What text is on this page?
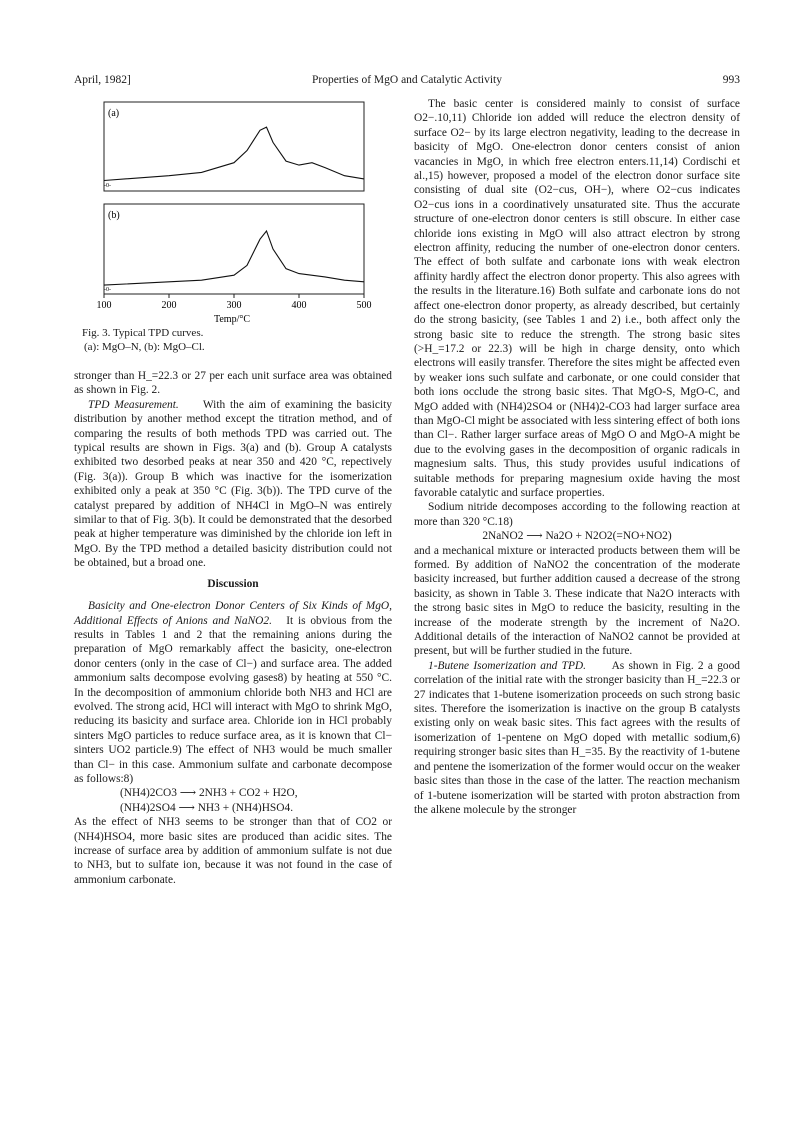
April, 1982]	Properties of MgO and Catalytic Activity	993
(a)
-0-
(b)
-0-
100	200	300	400	500
Temp/°C
Fig. 3. Typical TPD curves.
(a): MgO–N, (b): MgO–Cl.

stronger than H_=22.3 or 27 per each unit surface area was obtained as shown in Fig. 2.

TPD Measurement. With the aim of examining the basicity distribution by another method except the titration method, and of comparing the results of both methods TPD was carried out. The typical results are shown in Figs. 3(a) and (b). Group A catalysts exhibited two desorbed peaks at near 350 and 420 °C, repectively (Fig. 3(a)). Group B which was inactive for the isomerization exhibited only a peak at 350 °C (Fig. 3(b)). The TPD curve of the catalyst prepared by addition of NH4Cl in MgO–N was entirely similar to that of Fig. 3(b). It could be demonstrated that the desorbed peak at higher temperature was diminished by the chloride ion left in MgO. By the TPD method a detailed basicity distribution could not be obtained, but a broad one.

Discussion

Basicity and One-electron Donor Centers of Six Kinds of MgO, Additional Effects of Anions and NaNO2. It is obvious from the results in Tables 1 and 2 that the remaining anions during the preparation of MgO remarkably affect the basicity, one-electron donor centers (only in the case of Cl−) and surface area. The added ammonium salts decompose evolving gases8) by heating at 550 °C. In the decomposition of ammonium chloride both NH3 and HCl are evolved. The strong acid, HCl will interact with MgO to shrink MgO, reducing its basicity and surface area. Chloride ion in HCl probably sinters MgO particles to reduce surface area, as it is known that Cl− sinters UO2 particle.9) The effect of NH3 would be much smaller than Cl− in this case. Ammonium sulfate and carbonate decompose as follows:8)

(NH4)2CO3 ⟶ 2NH3 + CO2 + H2O,

(NH4)2SO4 ⟶ NH3 + (NH4)HSO4.

As the effect of NH3 seems to be stronger than that of CO2 or (NH4)HSO4, more basic sites are produced than acidic sites. The increase of surface area by addition of ammonium sulfate is not due to NH3, but to sulfate ion, because it was not found in the case of ammonium carbonate.

The basic center is considered mainly to consist of surface O2−.10,11) Chloride ion added will reduce the electron density of surface O2− by its large electron negativity, leading to the decrease in basicity of MgO. One-electron donor centers consist of anion vacancies in MgO, in which free electron enters.11,14) Cordischi et al.,15) however, proposed a model of the electron donor surface site consisting of dual site (O2−cus, OH−), where O2−cus indicates O2−cus ions in a coordinatively unsaturated site. Thus the accurate structure of one-electron donor centers is still obscure. In either case chloride ions existing in MgO will also attract electron by strong electron affinity, reducing the number of one-electron donor centers. The effect of both sulfate and carbonate ions with weak electron affinity hardly affect the electron donor property. This also agrees with the results in the literature.16) Both sulfate and carbonate ions do not affect one-electron donor property, as already described, but certainly do the strong basicity, (see Tables 1 and 2) i.e., both affect only the strong basic site to reduce the strength. The strong basic sites (>H_=17.2 or 22.3) will be high in charge density, onto which electrons will easily transfer. Therefore the sites might be affected even by weaker ions such sulfate and carbonate, or one could consider that both ions occlude the strong basic sites. That MgO-S, MgO-C, and MgO added with (NH4)2SO4 or (NH4)2-CO3 had larger surface area than MgO-Cl might be associated with less sintering effect of both ions than Cl−. Rather larger surface areas of MgO O and MgO-A might be due to the evolving gases in the decomposition of organic radicals in magnesium salts. Thus, this study provides usuful indications of suitable methods for preparing magnesium oxide having the most favorable catalytic and surface properties.

Sodium nitride decomposes according to the following reaction at more than 320 °C.18)

2NaNO2 ⟶ Na2O + N2O2(=NO+NO2)

and a mechanical mixture or interacted products between them will be formed. By addition of NaNO2 the concentration of the moderate basicity increased, but further addition caused a decrease of the strong basicity, as shown in Table 3. These indicate that Na2O interacts with the strong basic sites in MgO to reduce the basicity, resulting in the increase of the moderate strength by the increment of Na2O. Additional details of the interaction of NaNO2 cannot be provided at present, but will be further studied in the future.

1-Butene Isomerization and TPD. As shown in Fig. 2 a good correlation of the initial rate with the stronger basicity than H_=22.3 or 27 indicates that 1-butene isomerization proceeds on such strong basic sites. Therefore the isomerization is inactive on the group B catalysts existing only on weak basic sites. This fact agrees with the results of isomerization of 1-pentene on MgO doped with metallic sodium,6) requiring stronger basic sites than H_=35. By the reactivity of 1-butene and pentene the isomerization of the former would occur on the weaker basic sites than those in the case of the latter. The reaction mechanism of 1-butene isomerization will be started with proton abstraction from the alkene molecule by the stronger
